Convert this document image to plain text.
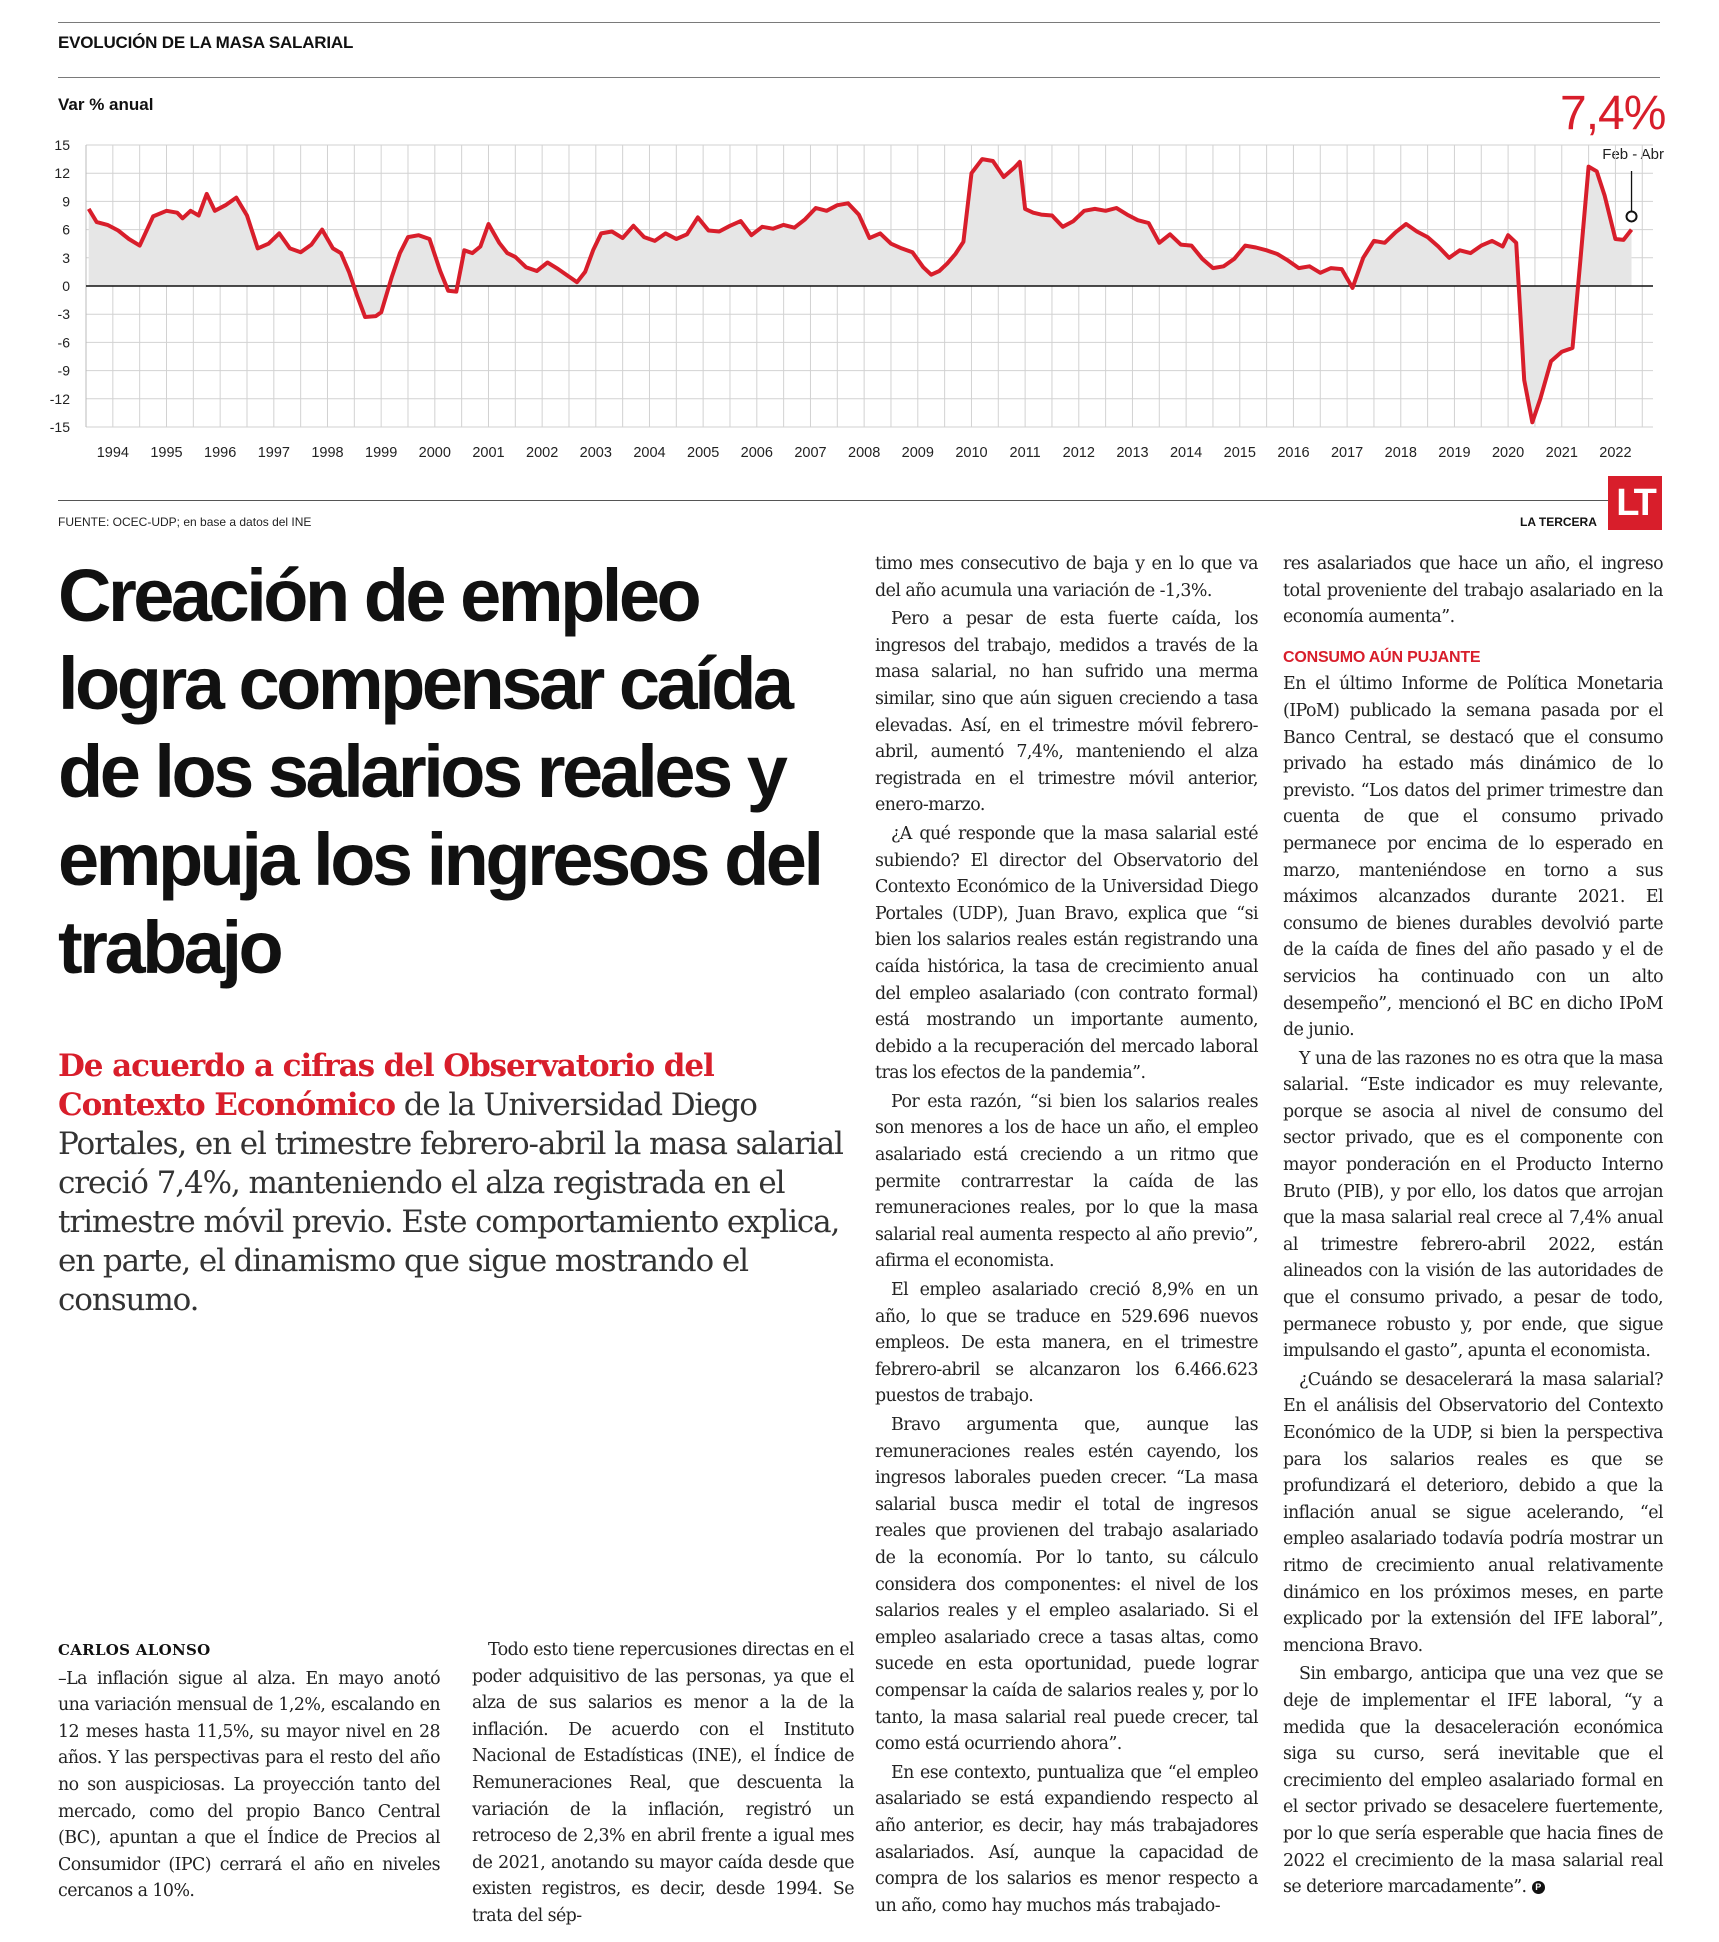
EVOLUCIÓN DE LA MASA SALARIAL
Var % anual	7,4%
Feb - Abr
15
12
9
6
3
0
-3
-6
-9
-12
-15
1994 1995 1996 1997 1998 1999 2000 2001 2002 2003 2004 2005 2006 2007 2008 2009 2010 2011 2012 2013 2014 2015 2016 2017 2018 2019 2020 2021 2022
FUENTE: OCEC-UDP; en base a datos del INE	LA TERCERA LT
Creación de empleo logra compensar caída de los salarios reales y empuja los ingresos del trabajo

De acuerdo a cifras del Observatorio del Contexto Económico de la Universidad Diego Portales, en el trimestre febrero-abril la masa salarial creció 7,4%, manteniendo el alza registrada en el trimestre móvil previo. Este comportamiento explica, en parte, el dinamismo que sigue mostrando el consumo.

CARLOS ALONSO

–La inflación sigue al alza. En mayo anotó una variación mensual de 1,2%, escalando en 12 meses hasta 11,5%, su mayor nivel en 28 años. Y las perspectivas para el resto del año no son auspiciosas. La proyección tanto del mercado, como del propio Banco Central (BC), apuntan a que el Índice de Precios al Consumidor (IPC) cerrará el año en niveles cercanos a 10%.

Todo esto tiene repercusiones directas en el poder adquisitivo de las personas, ya que el alza de sus salarios es menor a la de la inflación. De acuerdo con el Instituto Nacional de Estadísticas (INE), el Índice de Remuneraciones Real, que descuenta la variación de la inflación, registró un retroceso de 2,3% en abril frente a igual mes de 2021, anotando su mayor caída desde que existen registros, es decir, desde 1994. Se trata del sép-

timo mes consecutivo de baja y en lo que va del año acumula una variación de -1,3%.

Pero a pesar de esta fuerte caída, los ingresos del trabajo, medidos a través de la masa salarial, no han sufrido una merma similar, sino que aún siguen creciendo a tasa elevadas. Así, en el trimestre móvil febrero-abril, aumentó 7,4%, manteniendo el alza registrada en el trimestre móvil anterior, enero-marzo.

¿A qué responde que la masa salarial esté subiendo? El director del Observatorio del Contexto Económico de la Universidad Diego Portales (UDP), Juan Bravo, explica que “si bien los salarios reales están registrando una caída histórica, la tasa de crecimiento anual del empleo asalariado (con contrato formal) está mostrando un importante aumento, debido a la recuperación del mercado laboral tras los efectos de la pandemia”.

Por esta razón, “si bien los salarios reales son menores a los de hace un año, el empleo asalariado está creciendo a un ritmo que permite contrarrestar la caída de las remuneraciones reales, por lo que la masa salarial real aumenta respecto al año previo”, afirma el economista.

El empleo asalariado creció 8,9% en un año, lo que se traduce en 529.696 nuevos empleos. De esta manera, en el trimestre febrero-abril se alcanzaron los 6.466.623 puestos de trabajo.

Bravo argumenta que, aunque las remuneraciones reales estén cayendo, los ingresos laborales pueden crecer. “La masa salarial busca medir el total de ingresos reales que provienen del trabajo asalariado de la economía. Por lo tanto, su cálculo considera dos componentes: el nivel de los salarios reales y el empleo asalariado. Si el empleo asalariado crece a tasas altas, como sucede en esta oportunidad, puede lograr compensar la caída de salarios reales y, por lo tanto, la masa salarial real puede crecer, tal como está ocurriendo ahora”.

En ese contexto, puntualiza que “el empleo asalariado se está expandiendo respecto al año anterior, es decir, hay más trabajadores asalariados. Así, aunque la capacidad de compra de los salarios es menor respecto a un año, como hay muchos más trabajado-

res asalariados que hace un año, el ingreso total proveniente del trabajo asalariado en la economía aumenta”.

CONSUMO AÚN PUJANTE

En el último Informe de Política Monetaria (IPoM) publicado la semana pasada por el Banco Central, se destacó que el consumo privado ha estado más dinámico de lo previsto. “Los datos del primer trimestre dan cuenta de que el consumo privado permanece por encima de lo esperado en marzo, manteniéndose en torno a sus máximos alcanzados durante 2021. El consumo de bienes durables devolvió parte de la caída de fines del año pasado y el de servicios ha continuado con un alto desempeño”, mencionó el BC en dicho IPoM de junio.

Y una de las razones no es otra que la masa salarial. “Este indicador es muy relevante, porque se asocia al nivel de consumo del sector privado, que es el componente con mayor ponderación en el Producto Interno Bruto (PIB), y por ello, los datos que arrojan que la masa salarial real crece al 7,4% anual al trimestre febrero-abril 2022, están alineados con la visión de las autoridades de que el consumo privado, a pesar de todo, permanece robusto y, por ende, que sigue impulsando el gasto”, apunta el economista.

¿Cuándo se desacelerará la masa salarial? En el análisis del Observatorio del Contexto Económico de la UDP, si bien la perspectiva para los salarios reales es que se profundizará el deterioro, debido a que la inflación anual se sigue acelerando, “el empleo asalariado todavía podría mostrar un ritmo de crecimiento anual relativamente dinámico en los próximos meses, en parte explicado por la extensión del IFE laboral”, menciona Bravo.

Sin embargo, anticipa que una vez que se deje de implementar el IFE laboral, “y a medida que la desaceleración económica siga su curso, será inevitable que el crecimiento del empleo asalariado formal en el sector privado se desacelere fuertemente, por lo que sería esperable que hacia fines de 2022 el crecimiento de la masa salarial real se deteriore marcadamente”. P
